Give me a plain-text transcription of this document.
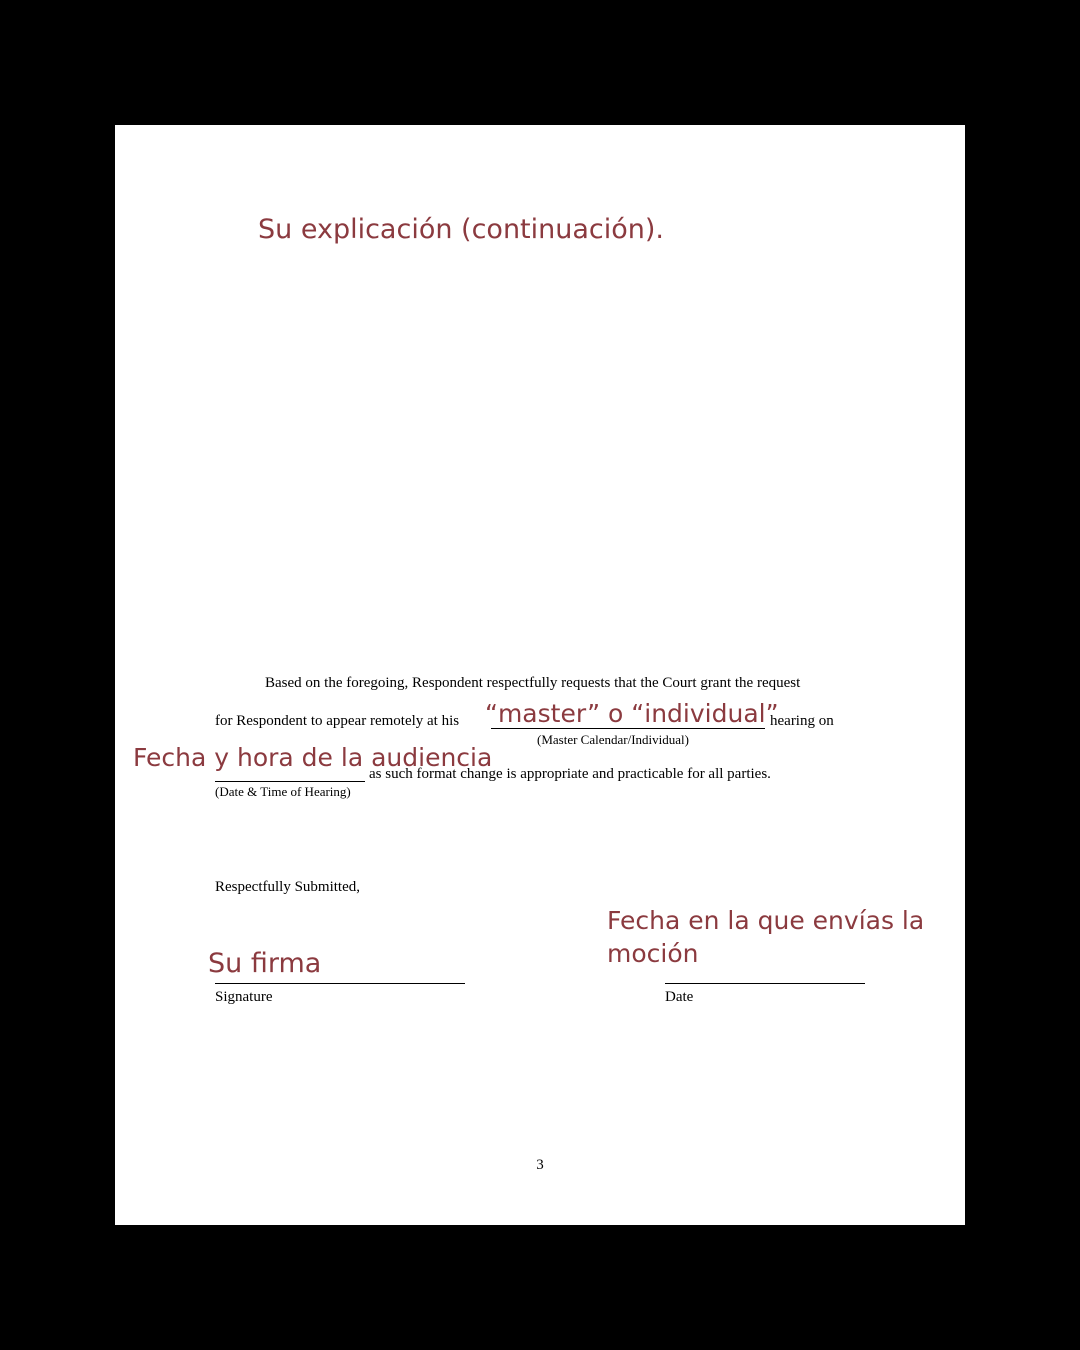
Su explicación (continuación).
Based on the foregoing, Respondent respectfully requests that the Court grant the request
for Respondent to appear remotely at his “master” o “individual”
hearing on
(Master Calendar/Individual)
Fecha y hora de la audiencia
as such format change is appropriate and practicable for all parties.
(Date & Time of Hearing)
Respectfully Submitted,
Fecha en la que envías la
moción
Su firma
Signature	Date
3
